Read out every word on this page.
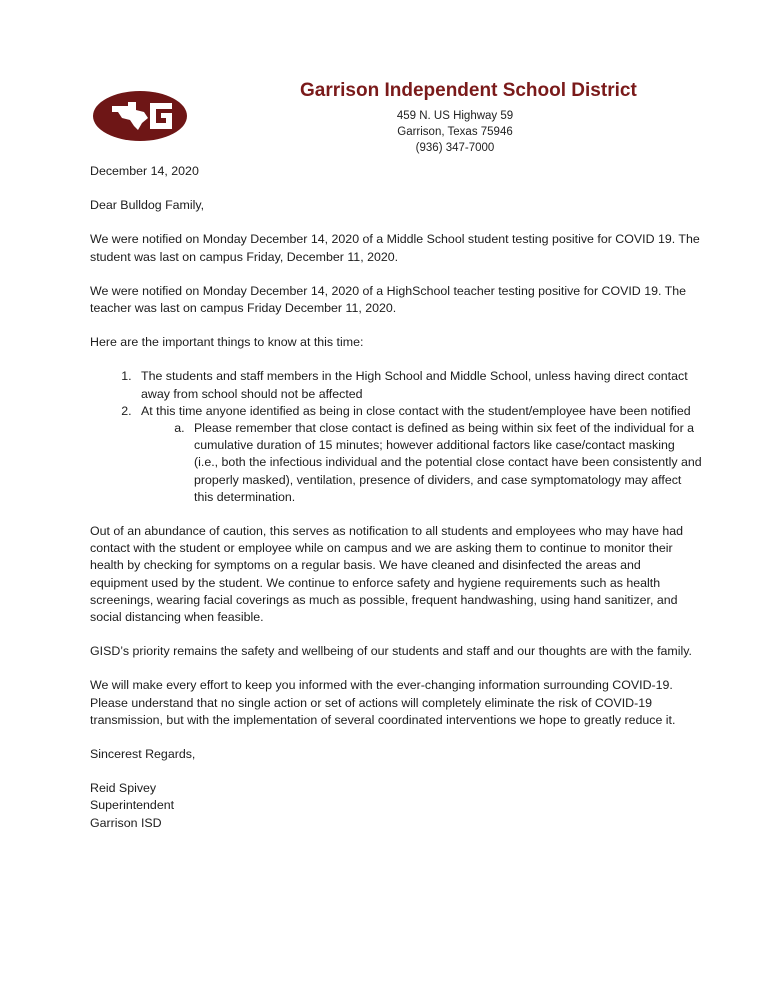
Garrison Independent School District
459 N. US Highway 59
Garrison, Texas 75946
(936) 347-7000

December 14, 2020

Dear Bulldog Family,

We were notified on Monday December 14, 2020 of a Middle School student testing positive for COVID 19. The student was last on campus Friday, December 11, 2020.

We were notified on Monday December 14, 2020 of a HighSchool teacher testing positive for COVID 19. The teacher was last on campus Friday December 11, 2020.

Here are the important things to know at this time:

1. The students and staff members in the High School and Middle School, unless having direct contact away from school should not be affected
2. At this time anyone identified as being in close contact with the student/employee have been notified
a. Please remember that close contact is defined as being within six feet of the individual for a cumulative duration of 15 minutes; however additional factors like case/contact masking (i.e., both the infectious individual and the potential close contact have been consistently and properly masked), ventilation, presence of dividers, and case symptomatology may affect this determination.

Out of an abundance of caution, this serves as notification to all students and employees who may have had contact with the student or employee while on campus and we are asking them to continue to monitor their health by checking for symptoms on a regular basis. We have cleaned and disinfected the areas and equipment used by the student. We continue to enforce safety and hygiene requirements such as health screenings, wearing facial coverings as much as possible, frequent handwashing, using hand sanitizer, and social distancing when feasible.

GISD’s priority remains the safety and wellbeing of our students and staff and our thoughts are with the family.

We will make every effort to keep you informed with the ever-changing information surrounding COVID-19. Please understand that no single action or set of actions will completely eliminate the risk of COVID-19 transmission, but with the implementation of several coordinated interventions we hope to greatly reduce it.

Sincerest Regards,

Reid Spivey

Superintendent

Garrison ISD
